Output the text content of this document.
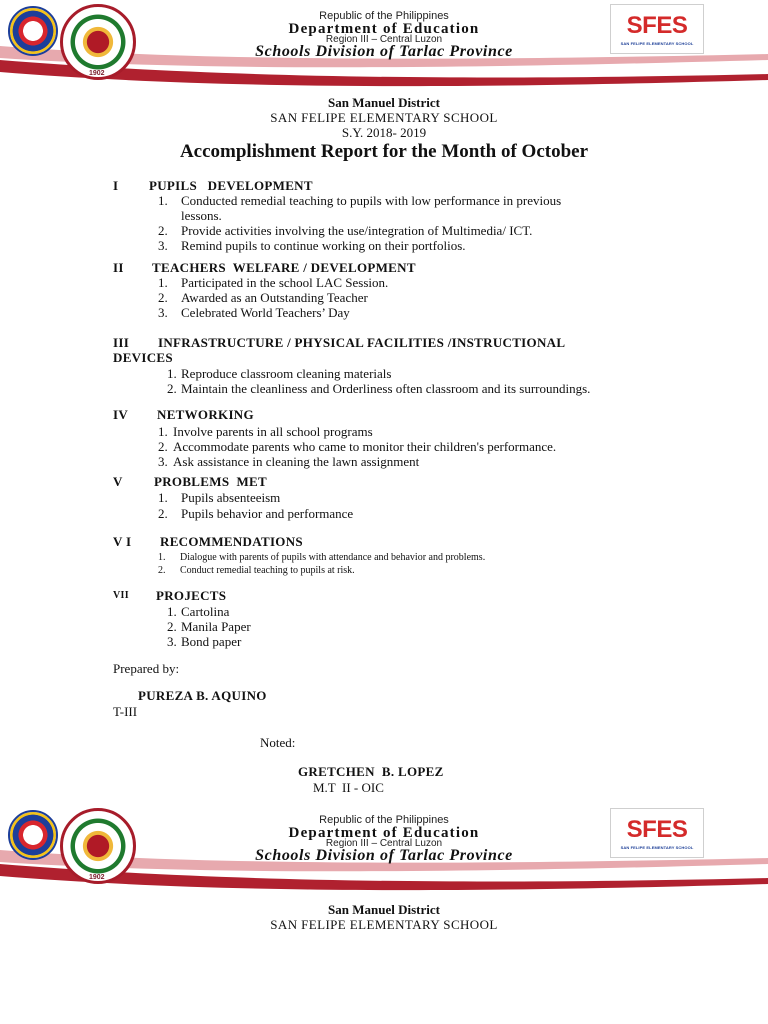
1902
Republic of the Philippines
Department of Education
Region III – Central Luzon
Schools Division of Tarlac Province
SFES
SAN FELIPE ELEMENTARY SCHOOL
San Manuel District
SAN FELIPE ELEMENTARY SCHOOL
S.Y. 2018- 2019
Accomplishment Report for the Month of October
I PUPILS   DEVELOPMENT
1. Conducted remedial teaching to pupils with low performance in previous
lessons.
2. Provide activities involving the use/integration of Multimedia/ ICT.
3. Remind pupils to continue working on their portfolios.
II TEACHERS  WELFARE / DEVELOPMENT
1. Participated in the school LAC Session.
2. Awarded as an Outstanding Teacher
3. Celebrated World Teachers’ Day
III INFRASTRUCTURE / PHYSICAL FACILITIES /INSTRUCTIONAL
DEVICES
1. Reproduce classroom cleaning materials
2. Maintain the cleanliness and Orderliness often classroom and its surroundings.
IV NETWORKING
1. Involve parents in all school programs
2. Accommodate parents who came to monitor their children's performance.
3. Ask assistance in cleaning the lawn assignment
V PROBLEMS  MET
1. Pupils absenteeism
2. Pupils behavior and performance
V I RECOMMENDATIONS
1. Dialogue with parents of pupils with attendance and behavior and problems.
2. Conduct remedial teaching to pupils at risk.
VII PROJECTS
1. Cartolina
2. Manila Paper
3. Bond paper
Prepared by:
PUREZA B. AQUINO
T-III
Noted:
GRETCHEN  B. LOPEZ
M.T  II - OIC
1902
Republic of the Philippines
Department of Education
Region III – Central Luzon
Schools Division of Tarlac Province
SFES
SAN FELIPE ELEMENTARY SCHOOL
San Manuel District
SAN FELIPE ELEMENTARY SCHOOL
